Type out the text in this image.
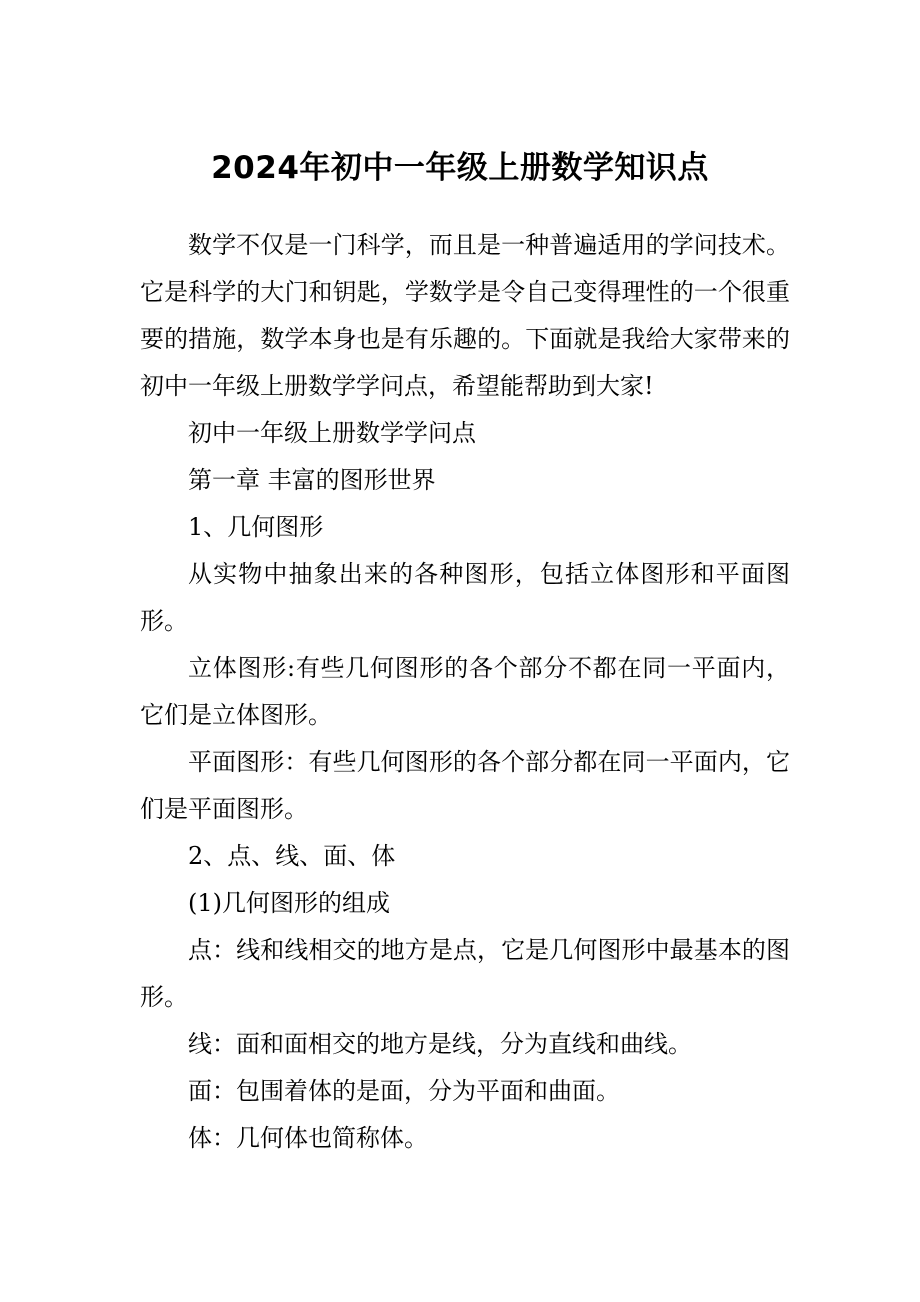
2024年初中一年级上册数学知识点

数学不仅是一门科学，而且是一种普遍适用的学问技术。它是科学的大门和钥匙，学数学是令自己变得理性的一个很重要的措施，数学本身也是有乐趣的。下面就是我给大家带来的初中一年级上册数学学问点，希望能帮助到大家!

初中一年级上册数学学问点

第一章 丰富的图形世界

1、几何图形

从实物中抽象出来的各种图形，包括立体图形和平面图形。

立体图形:有些几何图形的各个部分不都在同一平面内，它们是立体图形。

平面图形：有些几何图形的各个部分都在同一平面内，它们是平面图形。

2、点、线、面、体

(1)几何图形的组成

点：线和线相交的地方是点，它是几何图形中最基本的图形。

线：面和面相交的地方是线，分为直线和曲线。

面：包围着体的是面，分为平面和曲面。

体：几何体也简称体。
